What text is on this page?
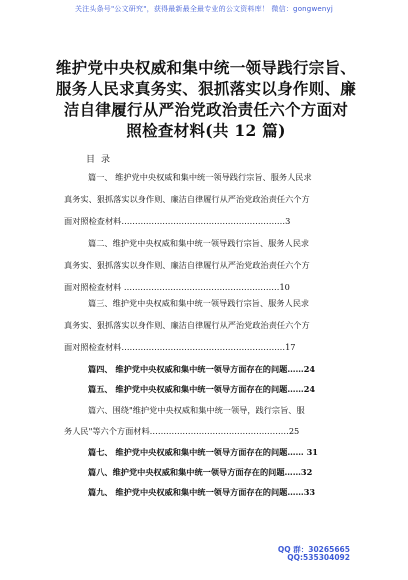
关注头条号"公文研究"，获得最新最全最专业的公文资料库！ 微信：gongwenyj
维护党中央权威和集中统一领导践行宗旨、
服务人民求真务实、狠抓落实以身作则、廉
洁自律履行从严治党政治责任六个方面对
照检查材料(共 12 篇)
目录
篇一、 维护党中央权威和集中统一领导践行宗旨、服务人民求
真务实、狠抓落实以身作则、廉洁自律履行从严治党政治责任六个方
面对照检查材料……………………………………………………3
篇二、维护党中央权威和集中统一领导践行宗旨、服务人民求
真务实、狠抓落实以身作则、廉洁自律履行从严治党政治责任六个方
面对照检查材料 …………………………………………………10
篇三、维护党中央权威和集中统一领导践行宗旨、服务人民求
真务实、狠抓落实以身作则、廉洁自律履行从严治党政治责任六个方
面对照检查材料……………………………………………………17
篇四、 维护党中央权威和集中统一领导方面存在的问题……24
篇五、 维护党中央权威和集中统一领导方面存在的问题……24
篇六、围绕"维护党中央权威和集中统一领导，践行宗旨、服
务人民"等六个方面材料……………………………………………25
篇七、 维护党中央权威和集中统一领导方面存在的问题…… 31
篇八、维护党中央权威和集中统一领导方面存在的问题……32
篇九、 维护党中央权威和集中统一领导方面存在的问题……33
QQ 群：30265665
QQ:535304092
